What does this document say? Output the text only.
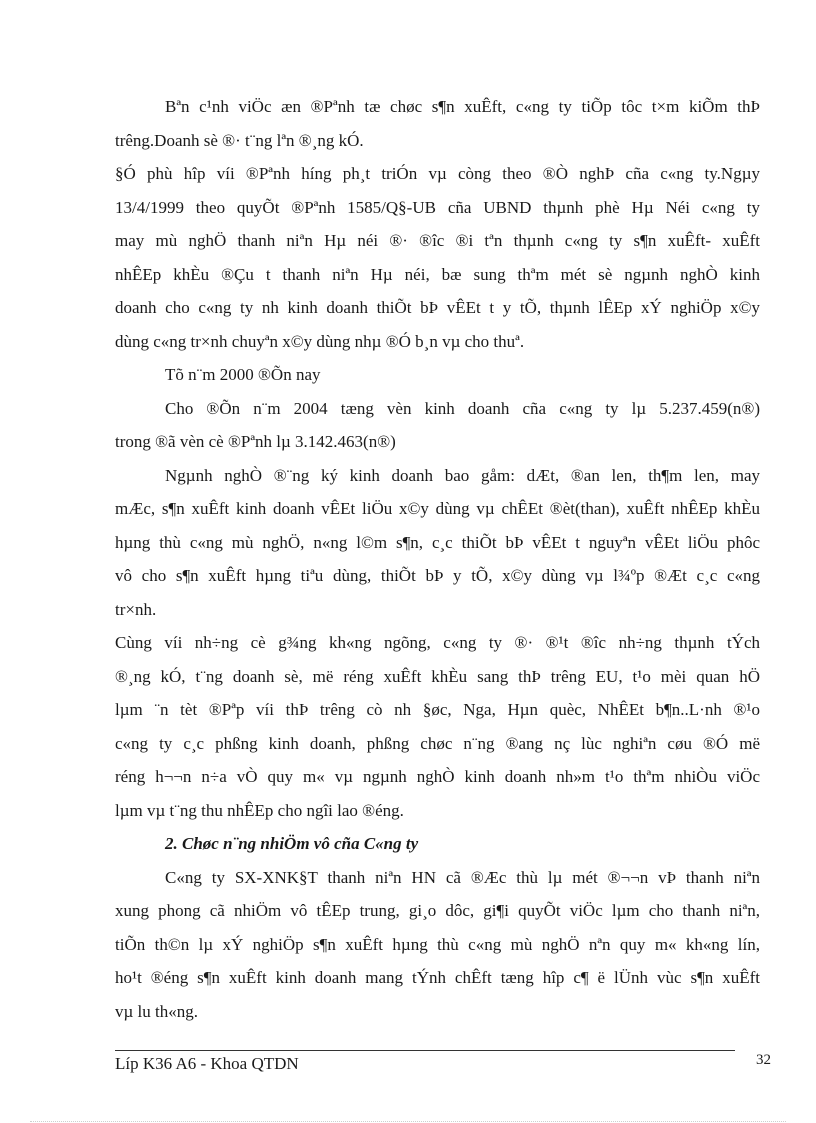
Bªn c¹nh viÖc æn ®Pªnh tæ chøc s¶n xuÊft, c«ng ty tiÕp tôc t×m kiÕm thÞ
trêng.Doanh sè ®· t¨ng lªn ®¸ng kÓ.

§Ó phù hîp víi ®Pªnh híng ph¸t triÓn vµ còng theo ®Ò nghÞ cña c«ng ty.Ngµy
13/4/1999 theo quyÕt ®Pªnh 1585/Q§-UB cña UBND thµnh phè Hµ Néi c«ng ty
may mù nghÖ thanh niªn Hµ néi ®· ®îc ®i tªn thµnh c«ng ty s¶n xuÊft- xuÊft
nhÊEp khÈu ®Çu t thanh niªn Hµ néi, bæ sung thªm mét sè ngµnh nghÒ kinh
doanh cho c«ng ty nh kinh doanh thiÕt bÞ vÊEt t y tÕ, thµnh lÊEp xÝ nghiÖp x©y
dùng c«ng tr×nh chuyªn x©y dùng nhµ ®Ó b¸n vµ cho thuª.

Tõ n¨m 2000 ®Õn nay

Cho ®Õn n¨m 2004 tæng vèn kinh doanh cña c«ng ty lµ 5.237.459(n®)
trong ®ã vèn cè ®Pªnh lµ 3.142.463(n®)

Ngµnh nghÒ ®¨ng ký kinh doanh bao gåm: dÆt, ®an len, th¶m len, may
mÆc, s¶n xuÊft kinh doanh vÊEt liÖu x©y dùng vµ chÊEt ®èt(than), xuÊft nhÊEp khÈu
hµng thù c«ng mù nghÖ, n«ng l©m s¶n, c¸c thiÕt bÞ vÊEt t nguyªn vÊEt liÖu phôc
vô cho s¶n xuÊft hµng tiªu dùng, thiÕt bÞ y tÕ, x©y dùng vµ l¾ºp ®Æt c¸c c«ng
tr×nh.

Cùng víi nh÷ng cè g¾ng kh«ng ngõng, c«ng ty ®· ®¹t ®îc nh÷ng thµnh tÝch
®¸ng kÓ, t¨ng doanh sè, më réng xuÊft khÈu sang thÞ trêng EU, t¹o mèi quan hÖ
lµm ¨n tèt ®Pªp víi thÞ trêng cò nh §øc, Nga, Hµn quèc, NhÊEt b¶n..L·nh ®¹o
c«ng ty c¸c phßng kinh doanh, phßng chøc n¨ng ®ang nç lùc nghiªn cøu ®Ó më
réng h¬¬n n÷a vÒ quy m« vµ ngµnh nghÒ kinh doanh nh»m t¹o thªm nhiÒu viÖc
lµm vµ t¨ng thu nhÊEp cho ngîi lao ®éng.

2. Chøc n¨ng nhiÖm vô cña C«ng ty

C«ng ty SX-XNK§T thanh niªn HN cã ®Æc thù lµ mét ®¬¬n vÞ thanh niªn
xung phong cã nhiÖm vô tÊEp trung, gi¸o dôc, gi¶i quyÕt viÖc lµm cho thanh niªn,
tiÕn th©n lµ xÝ nghiÖp s¶n xuÊft hµng thù c«ng mù nghÖ nªn quy m« kh«ng lín,
ho¹t ®éng s¶n xuÊft kinh doanh mang tÝnh chÊft tæng hîp c¶ ë lÜnh vùc s¶n xuÊft
vµ lu th«ng.

Líp K36 A6 - Khoa QTDN	32
